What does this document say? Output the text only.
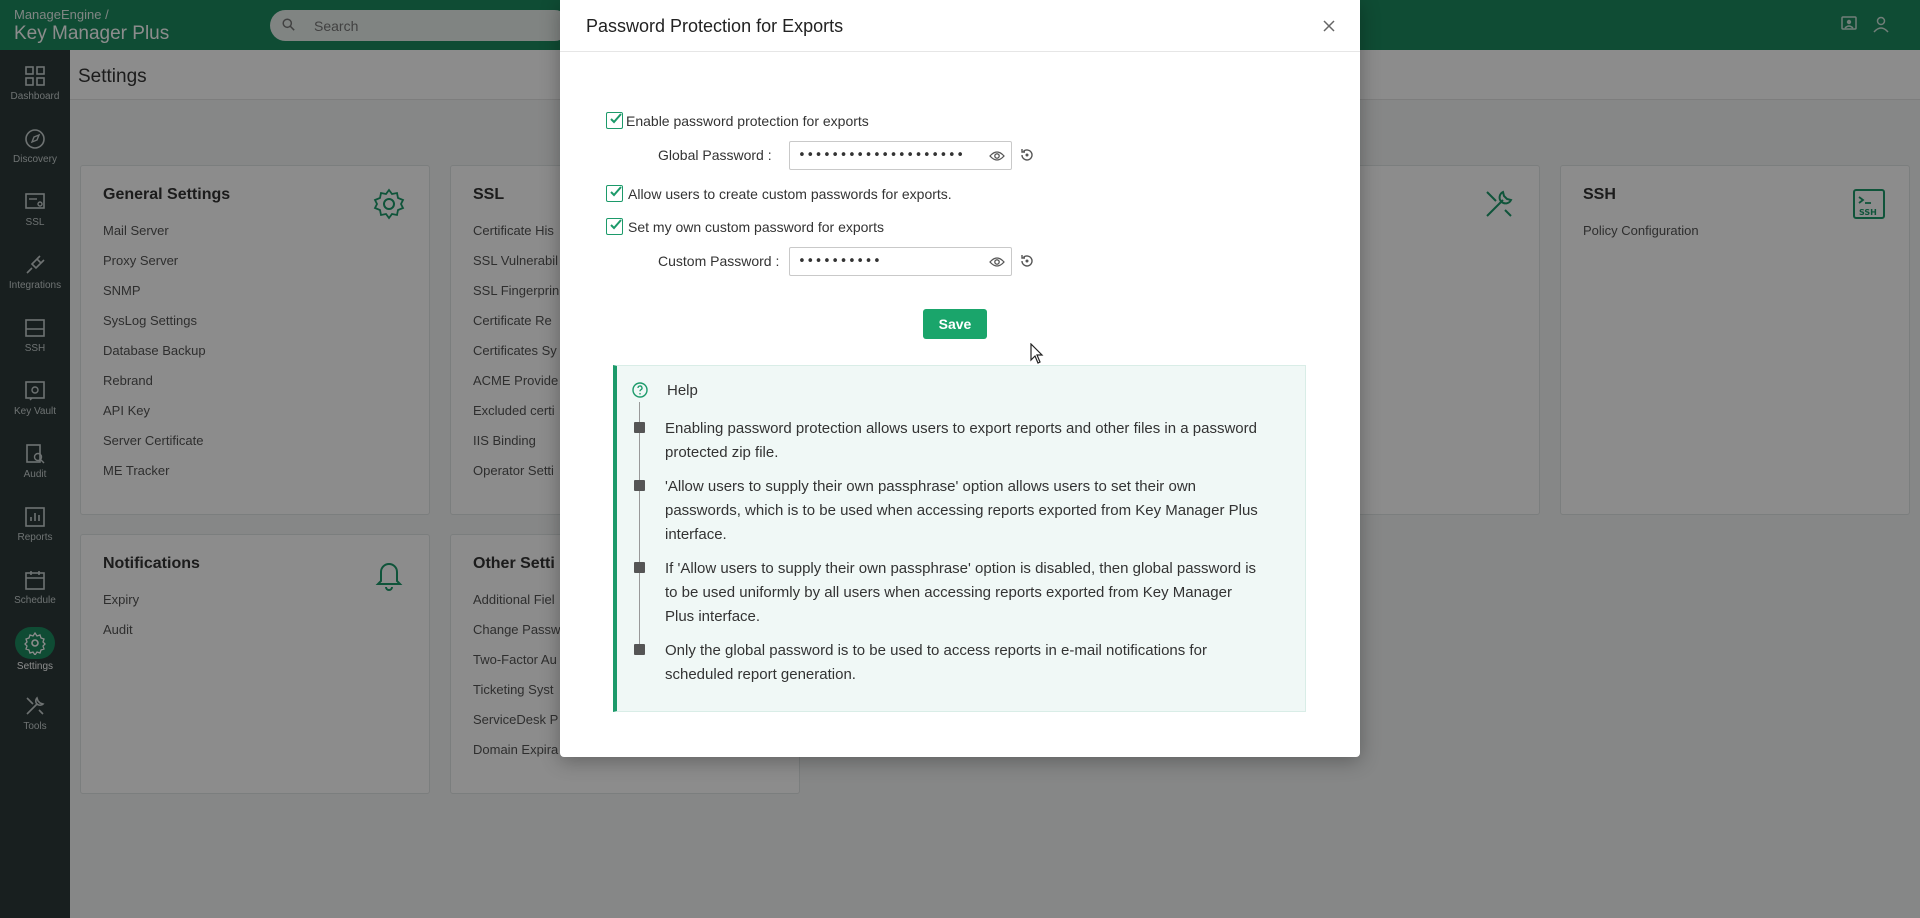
ManageEngine /
Key Manager Plus	Search
Dashboard
Discovery
SSL
Integrations
SSH
Key Vault
Audit
Reports
Schedule
Settings
Tools
Settings
General Settings
Mail Server
Proxy Server
SNMP
SysLog Settings
Database Backup
Rebrand
API Key
Server Certificate
ME Tracker
SSL
Certificate His
SSL Vulnerabil
SSL Fingerprin
Certificate Re
Certificates Sy
ACME Provide
Excluded certi
IIS Binding
Operator Setti
SSH
SSH
Policy Configuration
Notifications
Expiry
Audit
Other Setti
Additional Fiel
Change Passw
Two-Factor Au
Ticketing Syst
ServiceDesk P
Domain Expira
Password Protection for Exports
Enable password protection for exports
Global Password : ••••••••••••••••••••
Allow users to create custom passwords for exports.
Set my own custom password for exports
Custom Password : ••••••••••
Save
Help
Enabling password protection allows users to export reports and other files in a password protected zip file.
'Allow users to supply their own passphrase' option allows users to set their own passwords, which is to be used when accessing reports exported from Key Manager Plus interface.
If 'Allow users to supply their own passphrase' option is disabled, then global password is to be used uniformly by all users when accessing reports exported from Key Manager Plus interface.
Only the global password is to be used to access reports in e-mail notifications for scheduled report generation.
